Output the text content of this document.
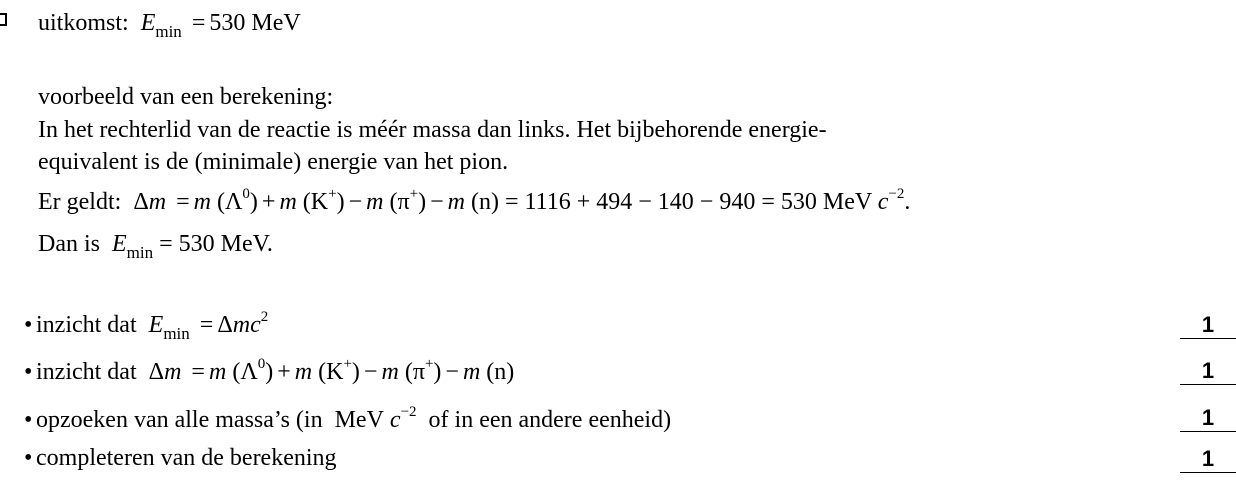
uitkomst: $E_{min} = 530$ MeV
voorbeeld van een berekening:
In het rechterlid van de reactie is méér massa dan links. Het bijbehorende energie-
equivalent is de (minimale) energie van het pion.
Er geldt: Δm = m $(\Lambda^0) + m$ (K+) − m (π+) − m (n) = 1116 + 494 − 140 − 940 = 530 MeV $c^{-2}$.
Dan is $E_{min} = 530$ MeV.
• inzicht dat $E_{min} = \Delta mc^2$	1
• inzicht dat Δm = m $(\Lambda^0) + m$ (K+) − m (π+) − m (n)	1
• opzoeken van alle massa’s (in MeV $c^{-2}$ of in een andere eenheid)	1
• completeren van de berekening	1
